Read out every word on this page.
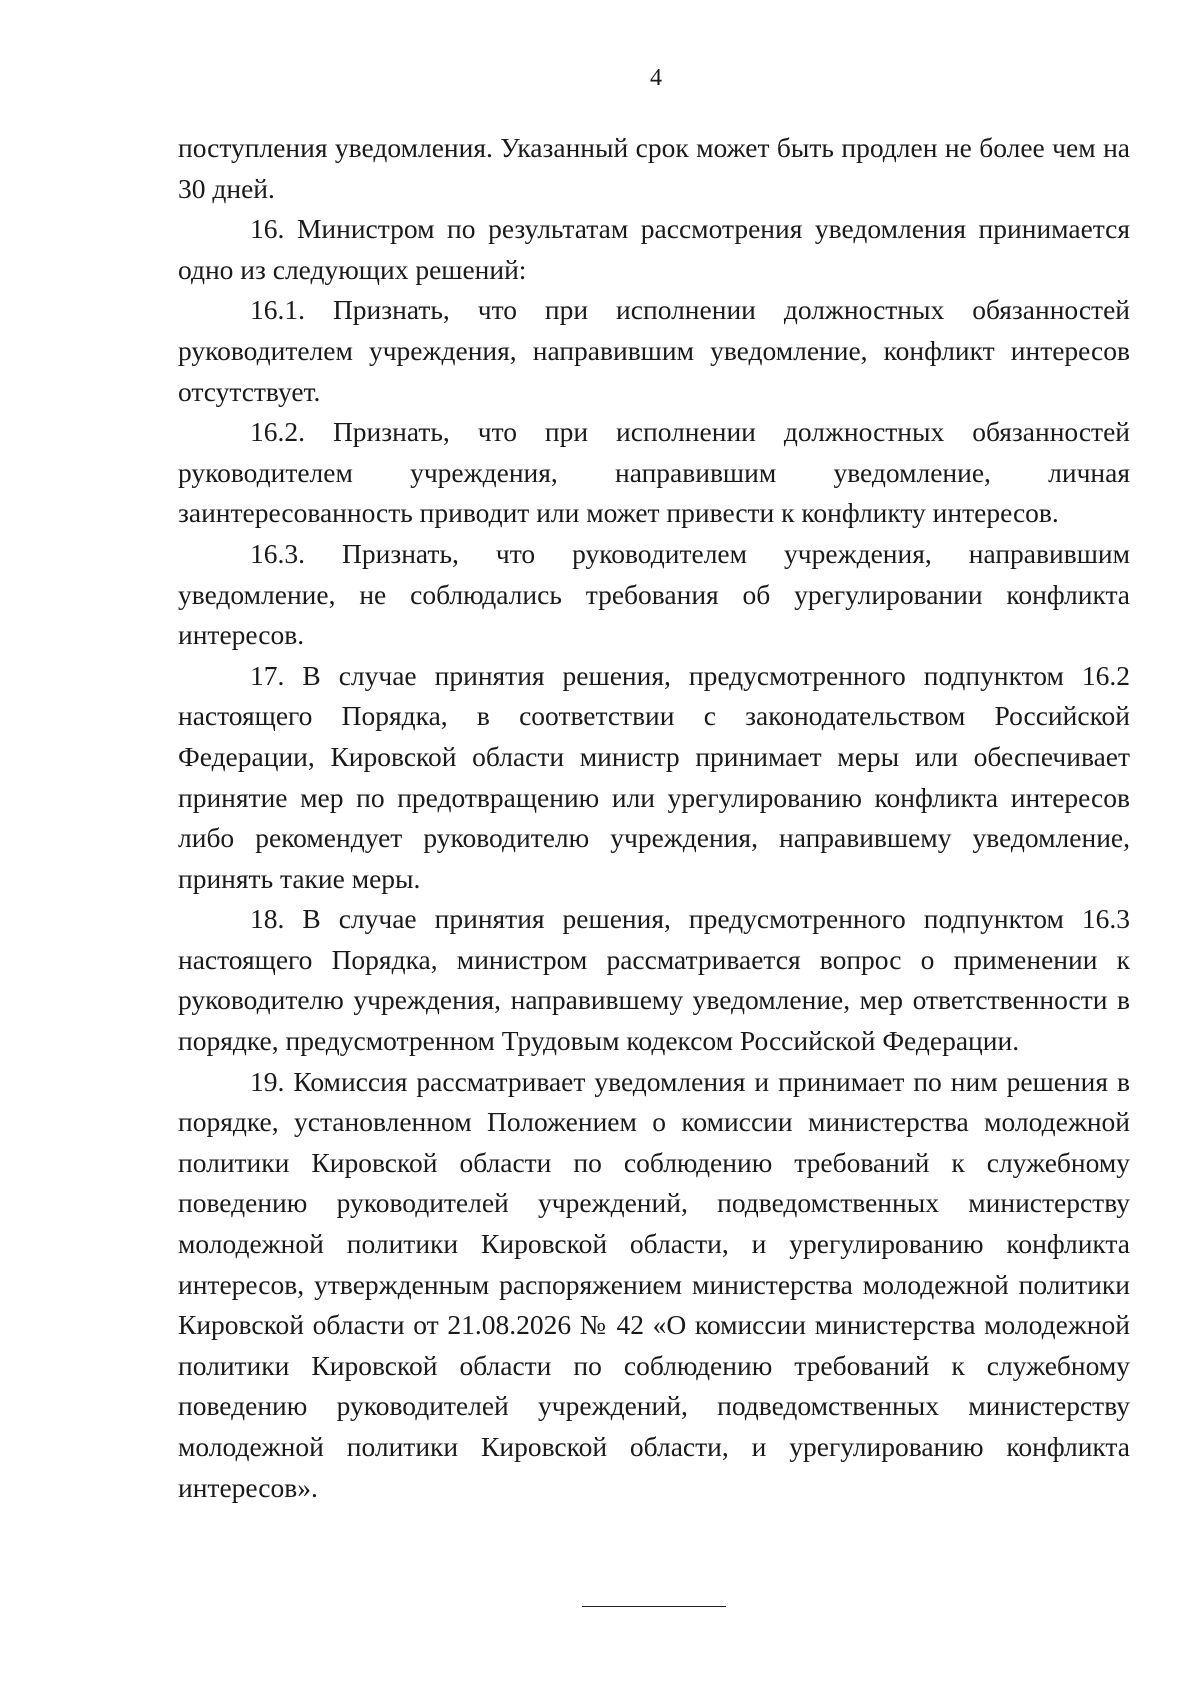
4

поступления уведомления. Указанный срок может быть продлен не более чем на 30 дней.

16. Министром по результатам рассмотрения уведомления принимается одно из следующих решений:

16.1. Признать, что при исполнении должностных обязанностей руководителем учреждения, направившим уведомление, конфликт интересов отсутствует.

16.2. Признать, что при исполнении должностных обязанностей руководителем учреждения, направившим уведомление, личная заинтересованность приводит или может привести к конфликту интересов.

16.3. Признать, что руководителем учреждения, направившим уведомление, не соблюдались требования об урегулировании конфликта интересов.

17. В случае принятия решения, предусмотренного подпунктом 16.2 настоящего Порядка, в соответствии с законодательством Российской Федерации, Кировской области министр принимает меры или обеспечивает принятие мер по предотвращению или урегулированию конфликта интересов либо рекомендует руководителю учреждения, направившему уведомление, принять такие меры.

18. В случае принятия решения, предусмотренного подпунктом 16.3 настоящего Порядка, министром рассматривается вопрос о применении к руководителю учреждения, направившему уведомление, мер ответственности в порядке, предусмотренном Трудовым кодексом Российской Федерации.

19. Комиссия рассматривает уведомления и принимает по ним решения в порядке, установленном Положением о комиссии министерства молодежной политики Кировской области по соблюдению требований к служебному поведению руководителей учреждений, подведомственных министерству молодежной политики Кировской области, и урегулированию конфликта интересов, утвержденным распоряжением министерства молодежной политики Кировской области от 21.08.2026 № 42 «О комиссии министерства молодежной политики Кировской области по соблюдению требований к служебному поведению руководителей учреждений, подведомственных министерству молодежной политики Кировской области, и урегулированию конфликта интересов».
